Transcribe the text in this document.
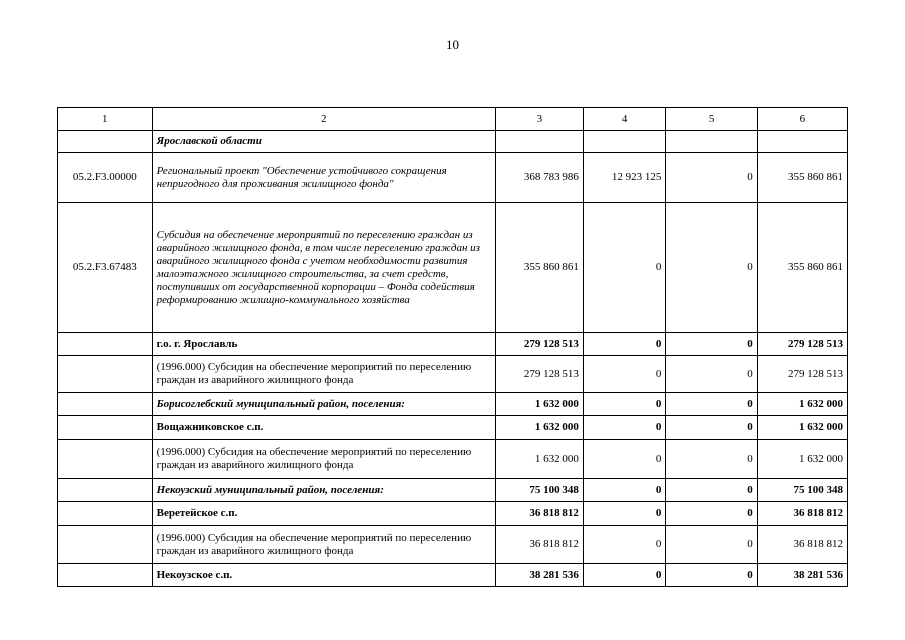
10
1	2	3	4	5	6
	Ярославской области				
05.2.F3.00000	Региональный проект "Обеспечение устойчивого сокращения непригодного для проживания жилищного фонда"	368 783 986	12 923 125	0	355 860 861
05.2.F3.67483	Субсидия на обеспечение мероприятий по переселению граждан из аварийного жилищного фонда, в том числе переселению граждан из аварийного жилищного фонда с учетом необходимости развития малоэтажного жилищного строительства, за счет средств, поступивших от государственной корпорации – Фонда содействия реформированию жилищно-коммунального хозяйства	355 860 861	0	0	355 860 861
	г.о. г. Ярославль	279 128 513	0	0	279 128 513
	(1996.000) Субсидия на обеспечение мероприятий по переселению граждан из аварийного жилищного фонда	279 128 513	0	0	279 128 513
	Борисоглебский муниципальный район, поселения:	1 632 000	0	0	1 632 000
	Вощажниковское с.п.	1 632 000	0	0	1 632 000
	(1996.000) Субсидия на обеспечение мероприятий по переселению граждан из аварийного жилищного фонда	1 632 000	0	0	1 632 000
	Некоузский муниципальный район, поселения:	75 100 348	0	0	75 100 348
	Веретейское с.п.	36 818 812	0	0	36 818 812
	(1996.000) Субсидия на обеспечение мероприятий по переселению граждан из аварийного жилищного фонда	36 818 812	0	0	36 818 812
	Некоузское с.п.	38 281 536	0	0	38 281 536
